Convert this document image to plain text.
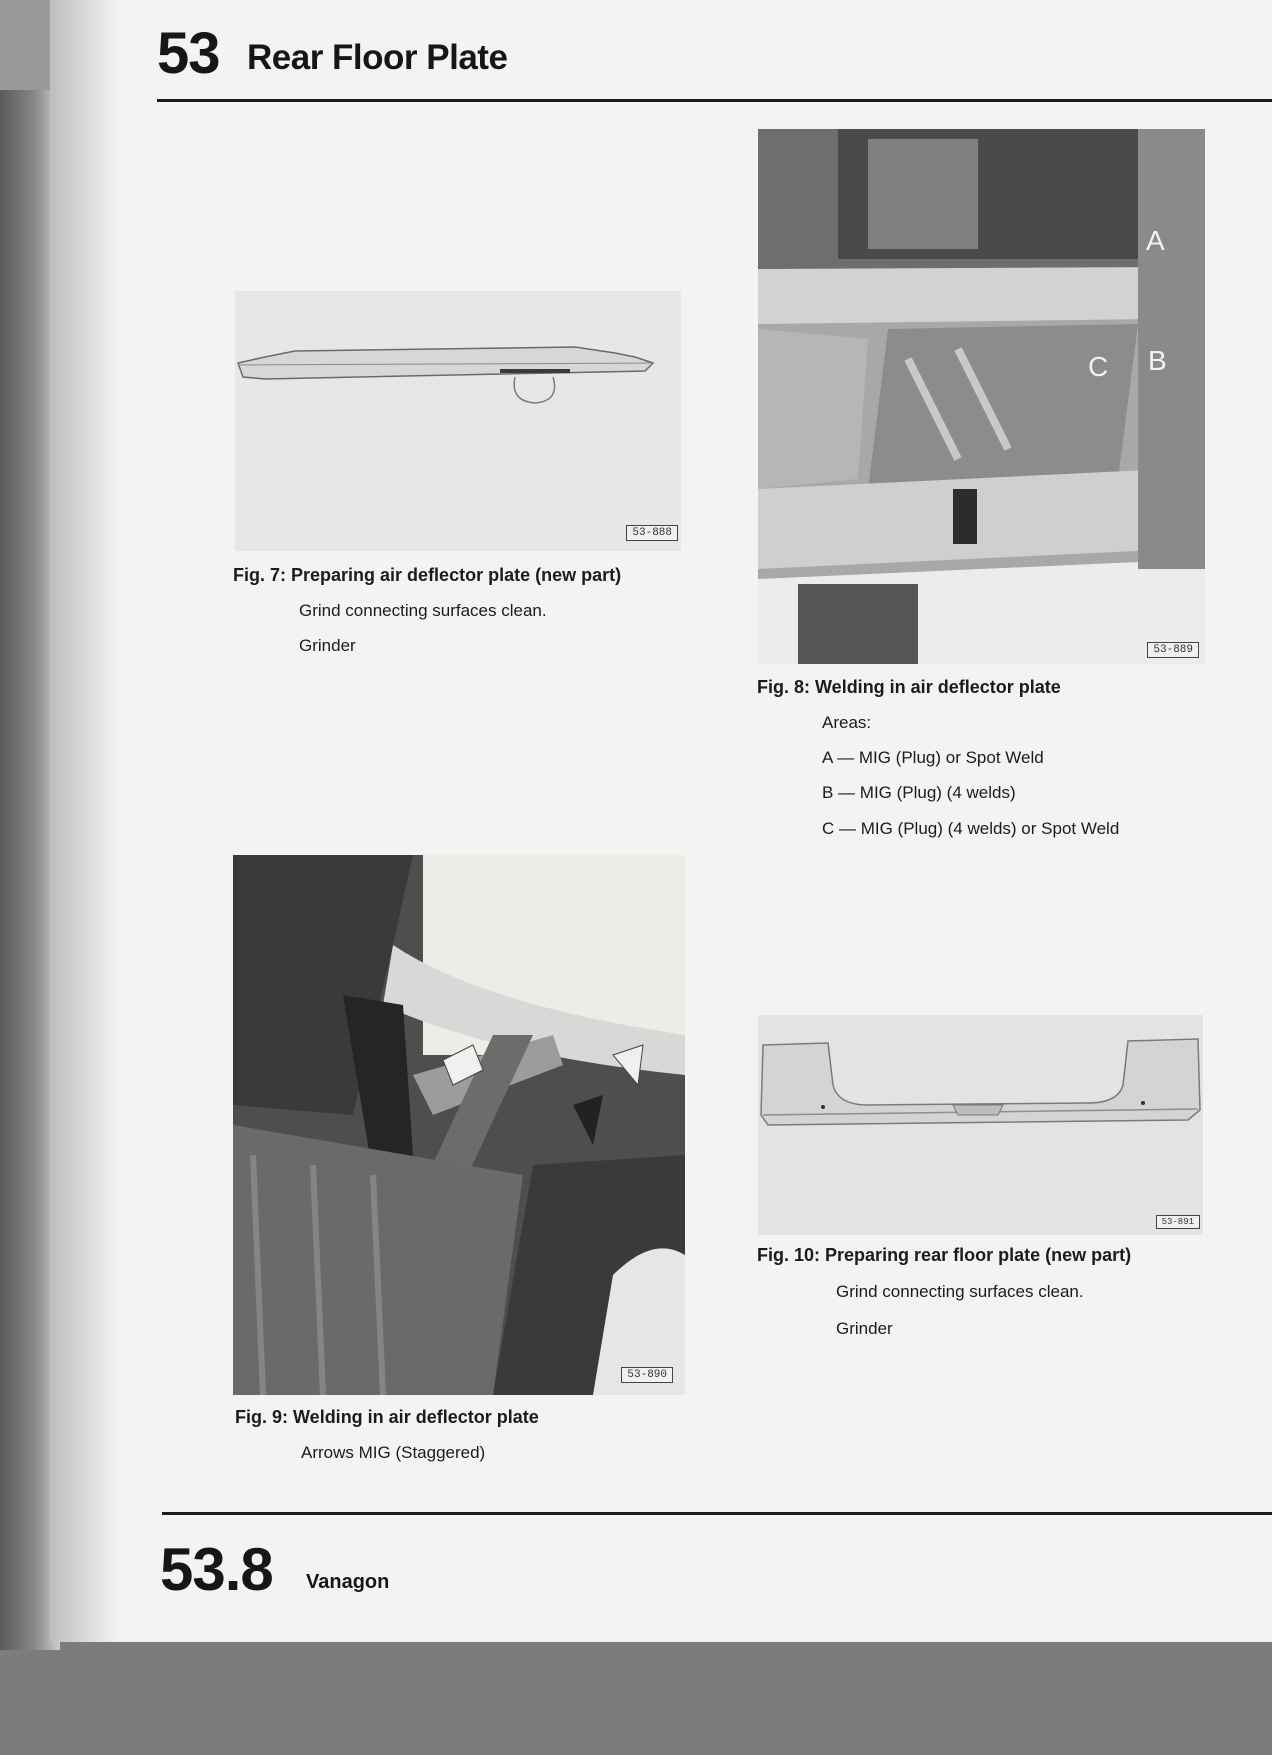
53 Rear Floor Plate
53-888
Fig. 7: Preparing air deflector plate (new part)
Grind connecting surfaces clean.
Grinder
A
B
C
53-889
Fig. 8: Welding in air deflector plate
Areas:
A — MIG (Plug) or Spot Weld
B — MIG (Plug) (4 welds)
C — MIG (Plug) (4 welds) or Spot Weld
53-890
Fig. 9: Welding in air deflector plate
Arrows MIG (Staggered)
53-891
Fig. 10: Preparing rear floor plate (new part)
Grind connecting surfaces clean.
Grinder
53.8 Vanagon
